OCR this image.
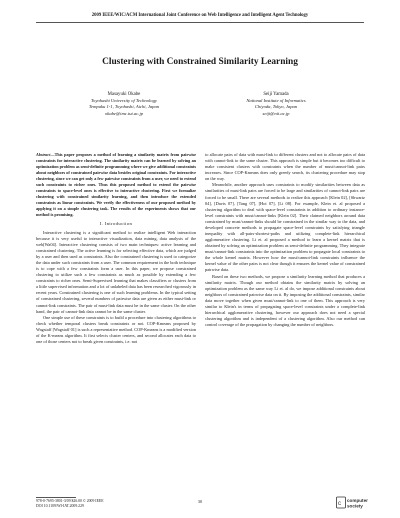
2009 IEEE/WIC/ACM International Joint Conference on Web Intelligence and Intelligent Agent Technology
Clustering with Constrained Similarity Learning
Masayuki Okabe
Toyohashi University of Technology
Tempaku 1-1, Toyohashi, Aichi, Japan
okabe@imc.tut.ac.jp
Seiji Yamada
National Institute of Informatics
Chiyoda, Tokyo, Japan
seiji@nii.ac.jp

Abstract—This paper proposes a method of learning a similarity matrix from pairwise constraints for interactive clustering. The similarity matrix can be learned by solving an optimization problem as semi-definite programming where we give additional constraints about neighbors of constrained pairwise data besides original constraints. For interactive clustering, since we can get only a few pairwise constraints from a user, we need to extend such constraints to richer ones. Thus this proposed method to extend the pairwise constraints to space-level ones is effective to interactive clustering. First we formalize clustering with constrained similarity learning, and then introduce the extended constraints as linear constraints. We verify the effectiveness of our proposed method by applying it on a simple clustering task. The results of the experiments shows that our method is promising.

I. Introduction

Interactive clustering is a significant method to realize intelligent Web interaction because it is very useful to interactive visualization, data mining, data analysis of the web[Wa04]. Interactive clustering consists of two main techniques: active learning and constrained clustering. The active learning is for selecting effective data, which are judged by a user and then used as constraints. Also the constrained clustering is used to categorize the data under such constraints from a user. The common requirement in the both technique is to cope with a few constraints form a user. In this paper, we propose constrained clustering to utilize such a few constraints as much as possible by extending a few constraints to richer ones. Semi-Supervised learning that makes classifiers or clusters from a little supervised information and a lot of unlabeled data has been researched vigorously in recent years. Constrained clustering is one of such learning problems. In the typical setting of constrained clustering, several numbers of pairwise data are given as either must-link or cannot-link constraints. The pair of must-link data must be in the same cluster. On the other hand, the pair of cannot-link data cannot be in the same cluster.

One simple use of these constraints is to build a procedure into clustering algorithms to check whether temporal clusters break constraints or not. COP-Kmeans proposed by Wagstaff [Wagstaff 01] is such a representative method. COP-Kmeans is a modified version of the K-means algorithm. It first selects cluster centers, and second allocates each data to one of those centers not to break given constraints, i.e. not

to allocate pairs of data with must-link to different clusters and not to allocate pairs of data with cannot-link to the same cluster. This approach is simple but it becomes too difficult to make consistent clusters with constraints when the number of must/cannot-link pairs increases. Since COP-Kmeans does only greedy search, its clustering procedure may stop on the way.

Meanwhile, another approach uses constraints to modify similarities between data as similarities of must-link pairs are forced to be large and similarities of cannot-link pairs are forced to be small. There are several methods to realize this approach [Klein 02], [Shwartz 04], [Davis 07], [Tang 07], [Hoi 07], [Li 08]. For example, Klein et. al proposed a clustering algorithm to deal with space-level constraints in addition to ordinary instance-level constraints with must/cannot-links [Klein 02]. Their claimed neighbors around data constrained by must/cannot-links should be constrained in the similar way to the data, and developed concrete methods to propagate space-level constraints by satisfying triangle inequality with all-pairs-shortest-paths and utilizing complete-link hierarchical agglomerative clustering. Li et. al proposed a method to learn a kernel matrix that is obtained by solving an optimization problem as semi-definite programming. They integrate must/cannot-link constraints into the optimization problem to propagate local constraints to the whole kernel matrix. However how the must/cannot-link constraints influence the kernel value of the other pairs is not clear though it ensures the kernel value of constrained pairwise data.

Based on these two methods, we propose a similarity learning method that produces a similarity matrix. Though our method obtains the similarity matrix by solving an optimization problem as the same way Li et. al do, we impose additional constraints about neighbors of constrained pairwise data on it. By imposing the additional constraints, similar data move together when given must/cannot-link to one of them. This approach is very similar to Klein's in terms of propagating space-level constraints under a complete-link hierarchical agglomerative clustering, however our approach does not need a special clustering algorithm and is independent of a clustering algorithm. Also our method can control coverage of the propagation by changing the number of neighbors.

978-0-7695-3801-3/09 $26.00 © 2009 IEEE
DOI 10.1109/WI-IAT.2009.229
30	c
computer
society
